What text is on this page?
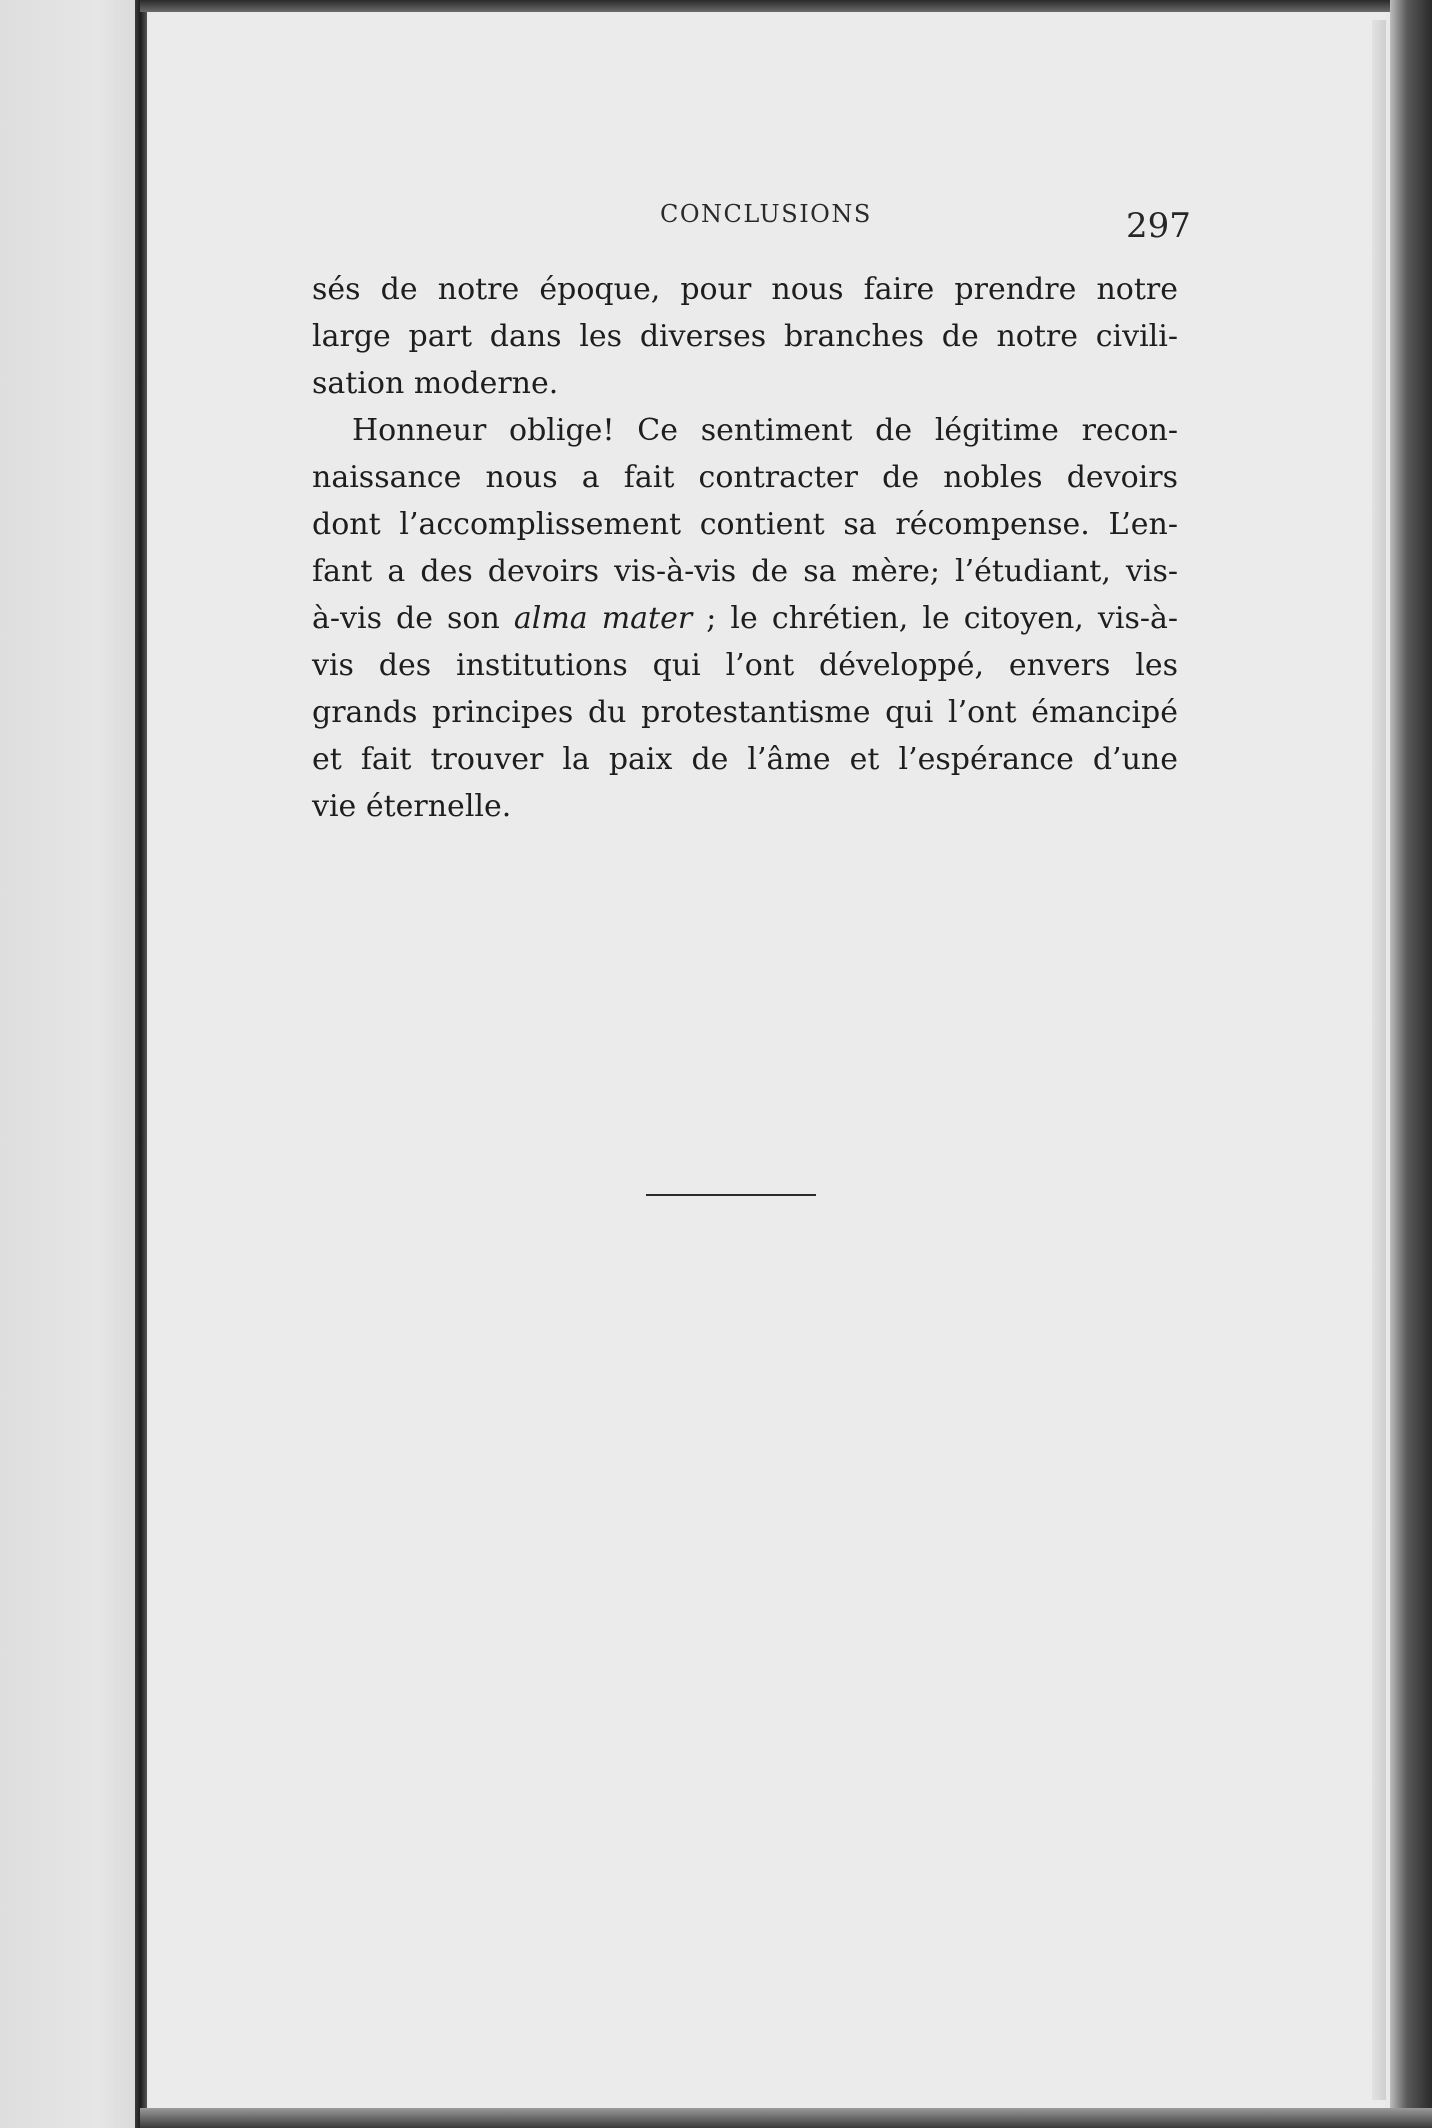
CONCLUSIONS	297

sés de notre époque, pour nous faire prendre notre
large part dans les diverses branches de notre civili-
sation moderne.

Honneur oblige! Ce sentiment de légitime recon-
naissance nous a fait contracter de nobles devoirs
dont l’accomplissement contient sa récompense. L’en-
fant a des devoirs vis-à-vis de sa mère; l’étudiant, vis-
à-vis de son alma mater ; le chrétien, le citoyen, vis-à-
vis des institutions qui l’ont développé, envers les
grands principes du protestantisme qui l’ont émancipé
et fait trouver la paix de l’âme et l’espérance d’une
vie éternelle.
